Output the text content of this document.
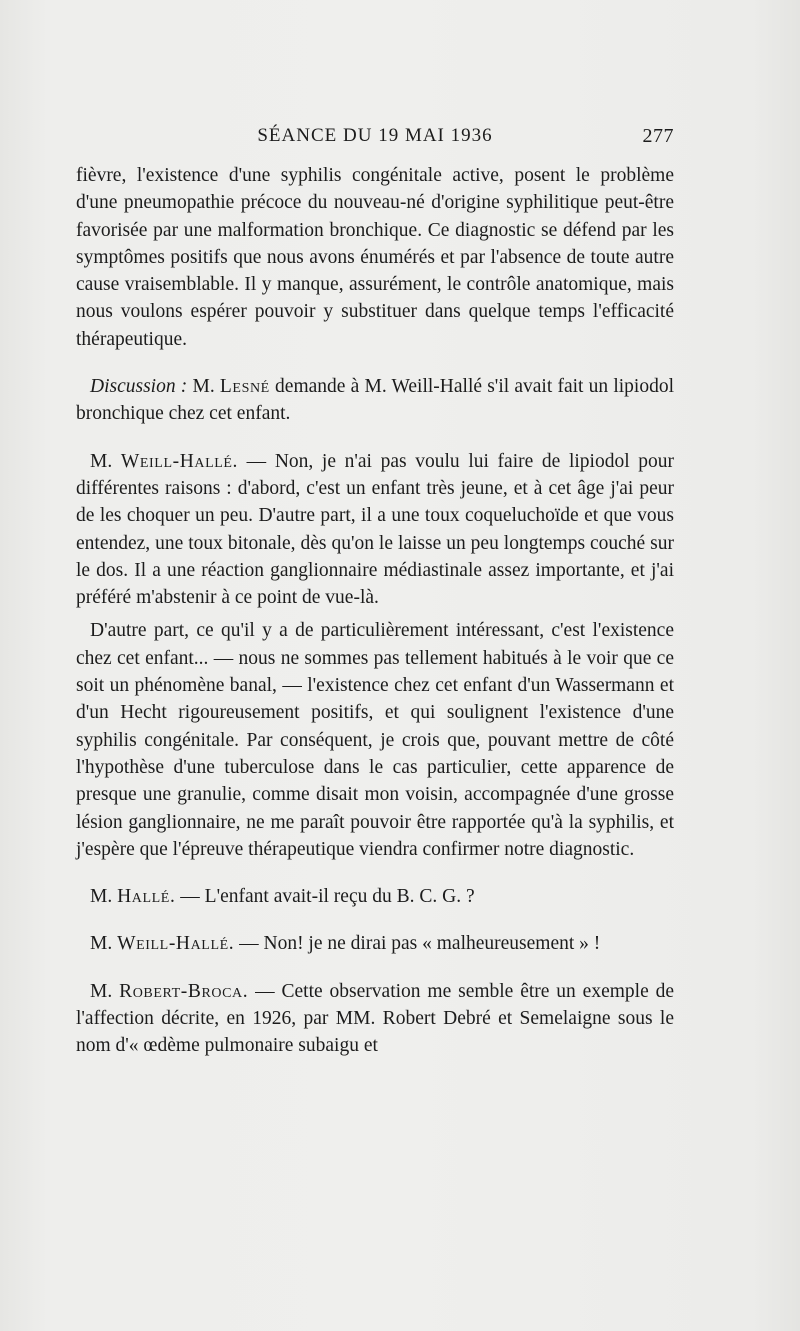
SÉANCE DU 19 MAI 1936	277

fièvre, l'existence d'une syphilis congénitale active, posent le problème d'une pneumopathie précoce du nouveau-né d'origine syphilitique peut-être favorisée par une malformation bronchique. Ce diagnostic se défend par les symptômes positifs que nous avons énumérés et par l'absence de toute autre cause vraisemblable. Il y manque, assurément, le contrôle anatomique, mais nous voulons espérer pouvoir y substituer dans quelque temps l'efficacité thérapeutique.

Discussion : M. Lesné demande à M. Weill-Hallé s'il avait fait un lipiodol bronchique chez cet enfant.

M. Weill-Hallé. — Non, je n'ai pas voulu lui faire de lipiodol pour différentes raisons : d'abord, c'est un enfant très jeune, et à cet âge j'ai peur de les choquer un peu. D'autre part, il a une toux coqueluchoïde et que vous entendez, une toux bitonale, dès qu'on le laisse un peu longtemps couché sur le dos. Il a une réaction ganglionnaire médiastinale assez importante, et j'ai préféré m'abstenir à ce point de vue-là.

D'autre part, ce qu'il y a de particulièrement intéressant, c'est l'existence chez cet enfant... — nous ne sommes pas tellement habitués à le voir que ce soit un phénomène banal, — l'existence chez cet enfant d'un Wassermann et d'un Hecht rigoureusement positifs, et qui soulignent l'existence d'une syphilis congénitale. Par conséquent, je crois que, pouvant mettre de côté l'hypothèse d'une tuberculose dans le cas particulier, cette apparence de presque une granulie, comme disait mon voisin, accompagnée d'une grosse lésion ganglionnaire, ne me paraît pouvoir être rapportée qu'à la syphilis, et j'espère que l'épreuve thérapeutique viendra confirmer notre diagnostic.

M. Hallé. — L'enfant avait-il reçu du B. C. G. ?

M. Weill-Hallé. — Non! je ne dirai pas « malheureusement » !

M. Robert-Broca. — Cette observation me semble être un exemple de l'affection décrite, en 1926, par MM. Robert Debré et Semelaigne sous le nom d'« œdème pulmonaire subaigu et
